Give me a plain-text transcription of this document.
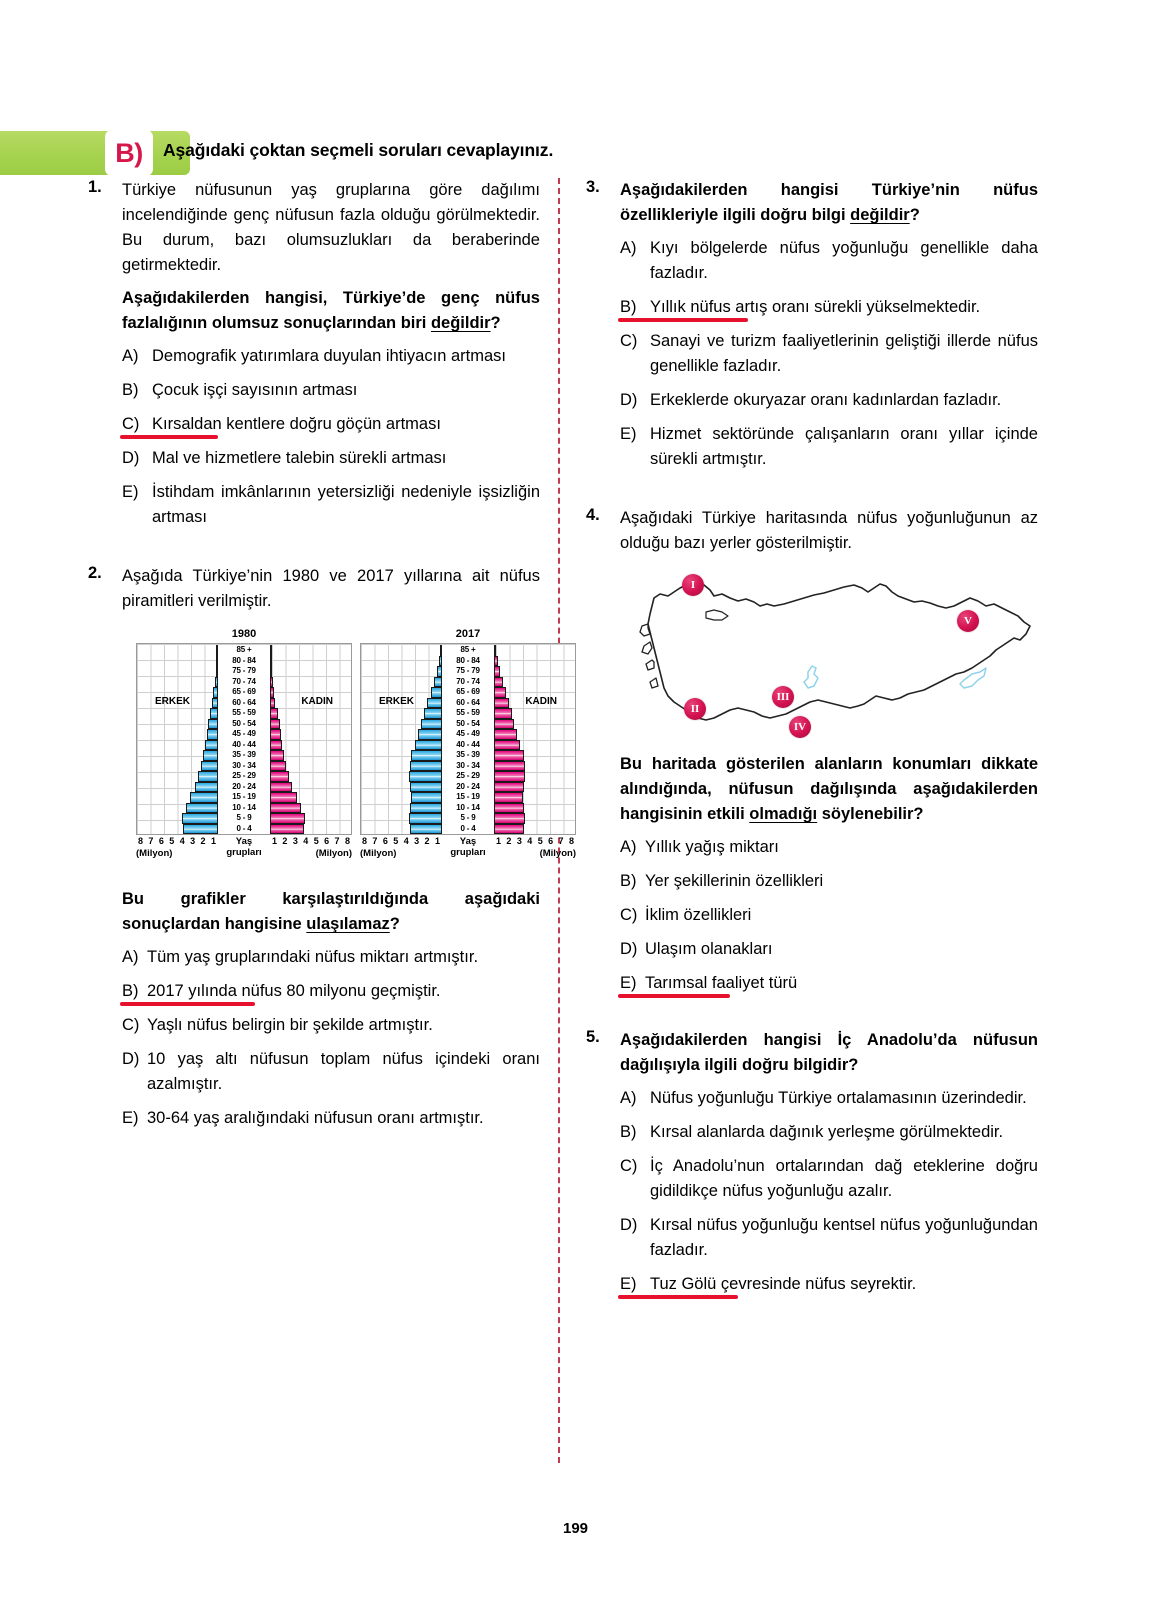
B)	Aşağıdaki çoktan seçmeli soruları cevaplayınız.
1.	Türkiye nüfusunun yaş gruplarına göre dağılımı incelendiğinde genç nüfusun fazla olduğu görülmektedir. Bu durum, bazı olumsuzlukları da beraberinde getirmektedir.
Aşağıdakilerden hangisi, Türkiye’de genç nüfus fazlalığının olumsuz sonuçlarından biri değildir?
A) Demografik yatırımlara duyulan ihtiyacın artması
B) Çocuk işçi sayısının artması
C) Kırsaldan kentlere doğru göçün artması
D) Mal ve hizmetlere talebin sürekli artması
E) İstihdam imkânlarının yetersizliği nedeniyle işsizliğin artması
2.	Aşağıda Türkiye’nin 1980 ve 2017 yıllarına ait nüfus piramitleri verilmiştir.
1980
ERKEK	KADIN
0 - 4
5 - 9
10 - 14
15 - 19
20 - 24
25 - 29
30 - 34
35 - 39
40 - 44
45 - 49
50 - 54
55 - 59
60 - 64
65 - 69
70 - 74
75 - 79
80 - 84
85 +
8 7 6 5 4 3 2 1	Yaş
grupları
1 2 3 4 5 6 7 8
(Milyon)	(Milyon)
2017
ERKEK	KADIN
0 - 4
5 - 9
10 - 14
15 - 19
20 - 24
25 - 29
30 - 34
35 - 39
40 - 44
45 - 49
50 - 54
55 - 59
60 - 64
65 - 69
70 - 74
75 - 79
80 - 84
85 +
8 7 6 5 4 3 2 1	Yaş
grupları
1 2 3 4 5 6 7 8
(Milyon)	(Milyon)
Bu grafikler karşılaştırıldığında aşağıdaki sonuçlardan hangisine ulaşılamaz?
A) Tüm yaş gruplarındaki nüfus miktarı artmıştır.
B) 2017 yılında nüfus 80 milyonu geçmiştir.
C) Yaşlı nüfus belirgin bir şekilde artmıştır.
D) 10 yaş altı nüfusun toplam nüfus içindeki oranı azalmıştır.
E) 30-64 yaş aralığındaki nüfusun oranı artmıştır.
3.	Aşağıdakilerden hangisi Türkiye’nin nüfus özellikleriyle ilgili doğru bilgi değildir?
A) Kıyı bölgelerde nüfus yoğunluğu genellikle daha fazladır.
B) Yıllık nüfus artış oranı sürekli yükselmektedir.
C) Sanayi ve turizm faaliyetlerinin geliştiği illerde nüfus genellikle fazladır.
D) Erkeklerde okuryazar oranı kadınlardan fazladır.
E) Hizmet sektöründe çalışanların oranı yıllar içinde sürekli artmıştır.
4.	Aşağıdaki Türkiye haritasında nüfus yoğunluğunun az olduğu bazı yerler gösterilmiştir.
I
II
III
IV
V
Bu haritada gösterilen alanların konumları dikkate alındığında, nüfusun dağılışında aşağıdakilerden hangisinin etkili olmadığı söylenebilir?
A) Yıllık yağış miktarı
B) Yer şekillerinin özellikleri
C) İklim özellikleri
D) Ulaşım olanakları
E) Tarımsal faaliyet türü
5.	Aşağıdakilerden hangisi İç Anadolu’da nüfusun dağılışıyla ilgili doğru bilgidir?
A) Nüfus yoğunluğu Türkiye ortalamasının üzerindedir.
B) Kırsal alanlarda dağınık yerleşme görülmektedir.
C) İç Anadolu’nun ortalarından dağ eteklerine doğru gidildikçe nüfus yoğunluğu azalır.
D) Kırsal nüfus yoğunluğu kentsel nüfus yoğunluğundan fazladır.
E) Tuz Gölü çevresinde nüfus seyrektir.
199
